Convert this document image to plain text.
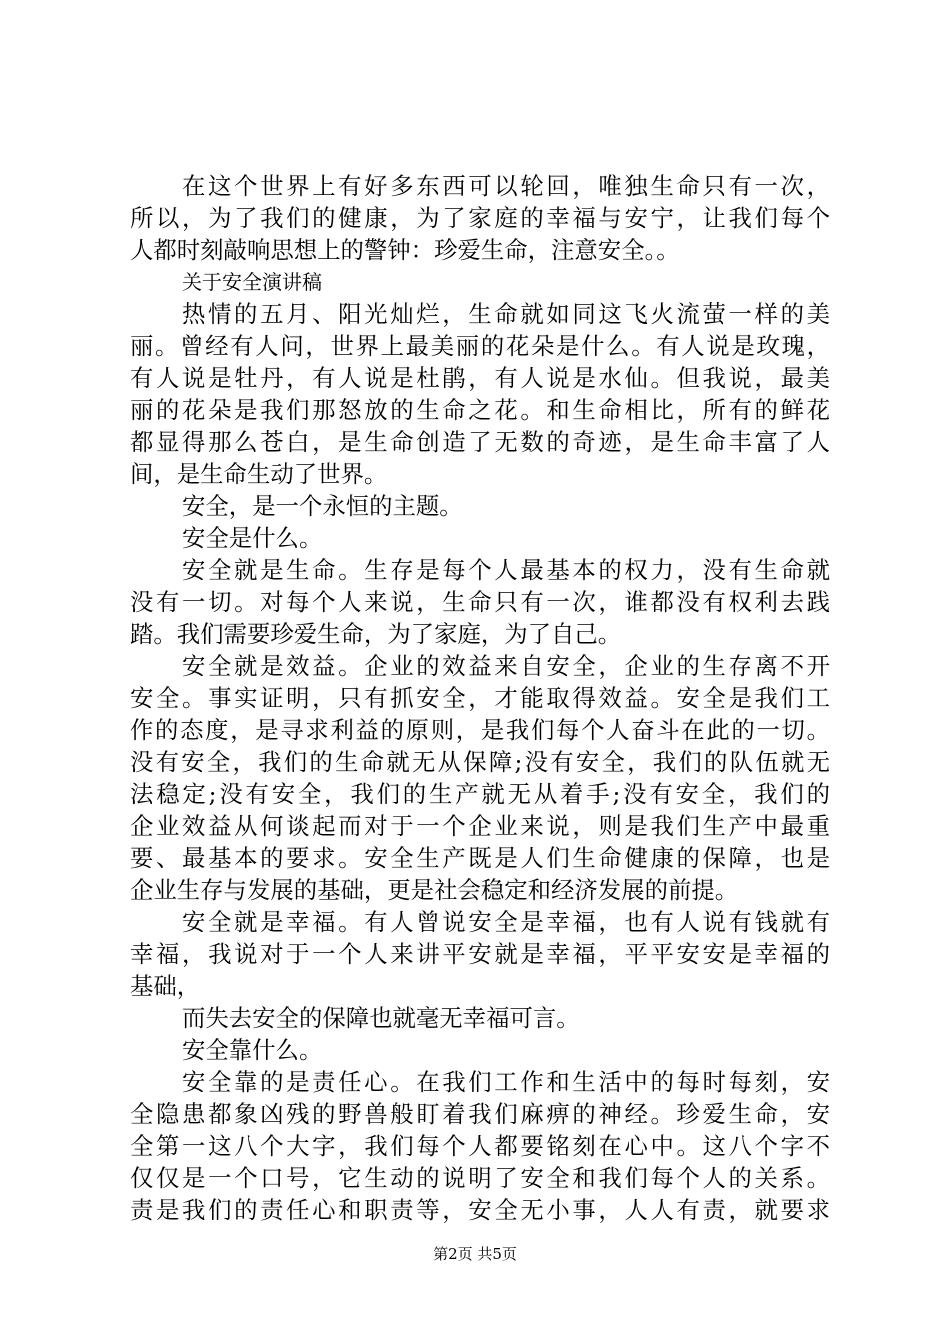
在这个世界上有好多东西可以轮回，唯独生命只有一次，
所以，为了我们的健康，为了家庭的幸福与安宁，让我们每个
人都时刻敲响思想上的警钟：珍爱生命，注意安全。。
关于安全演讲稿
热情的五月、阳光灿烂，生命就如同这飞火流萤一样的美
丽。曾经有人问，世界上最美丽的花朵是什么。有人说是玫瑰，
有人说是牡丹，有人说是杜鹃，有人说是水仙。但我说，最美
丽的花朵是我们那怒放的生命之花。和生命相比，所有的鲜花
都显得那么苍白，是生命创造了无数的奇迹，是生命丰富了人
间，是生命生动了世界。
安全，是一个永恒的主题。
安全是什么。
安全就是生命。生存是每个人最基本的权力，没有生命就
没有一切。对每个人来说，生命只有一次，谁都没有权利去践
踏。我们需要珍爱生命，为了家庭，为了自己。
安全就是效益。企业的效益来自安全，企业的生存离不开
安全。事实证明，只有抓安全，才能取得效益。安全是我们工
作的态度，是寻求利益的原则，是我们每个人奋斗在此的一切。
没有安全，我们的生命就无从保障;没有安全，我们的队伍就无
法稳定;没有安全，我们的生产就无从着手;没有安全，我们的
企业效益从何谈起而对于一个企业来说，则是我们生产中最重
要、最基本的要求。安全生产既是人们生命健康的保障，也是
企业生存与发展的基础，更是社会稳定和经济发展的前提。
安全就是幸福。有人曾说安全是幸福，也有人说有钱就有
幸福，我说对于一个人来讲平安就是幸福，平平安安是幸福的
基础，
而失去安全的保障也就毫无幸福可言。
安全靠什么。
安全靠的是责任心。在我们工作和生活中的每时每刻，安
全隐患都象凶残的野兽般盯着我们麻痹的神经。珍爱生命，安
全第一这八个大字，我们每个人都要铭刻在心中。这八个字不
仅仅是一个口号，它生动的说明了安全和我们每个人的关系。
责是我们的责任心和职责等，安全无小事，人人有责，就要求
第2页 共5页
